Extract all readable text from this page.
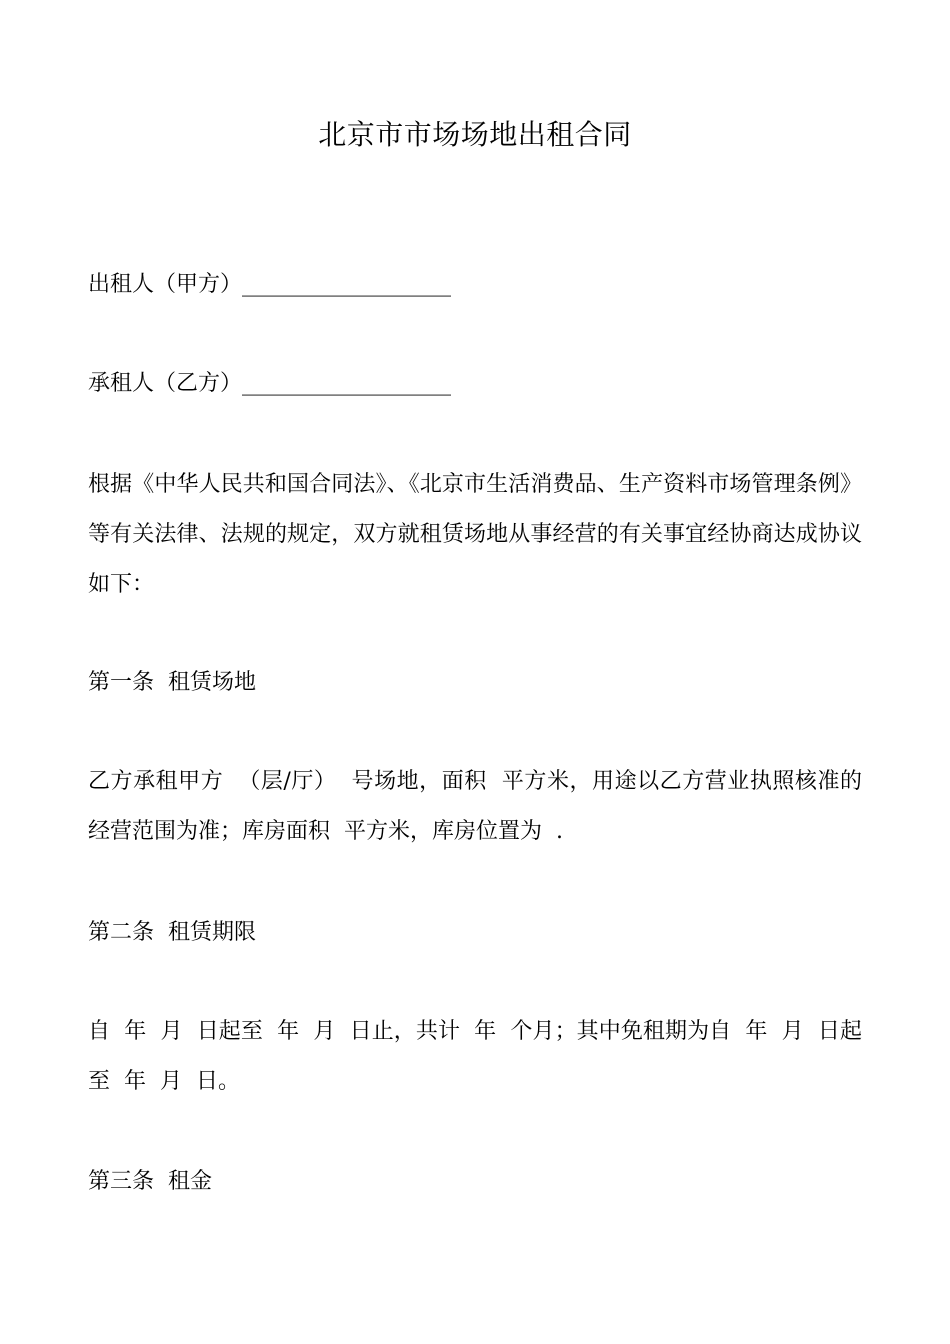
北京市市场场地出租合同
出租人（甲方）___________________
承租人（乙方）___________________
根据《中华人民共和国合同法》、《北京市生活消费品、生产资料市场管理条例》等有关法律、法规的规定，双方就租赁场地从事经营的有关事宜经协商达成协议如下：
第一条  租赁场地
乙方承租甲方  （层/厅）  号场地，面积  平方米，用途以乙方营业执照核准的经营范围为准；库房面积  平方米，库房位置为  .
第二条  租赁期限
自  年  月  日起至  年  月  日止，共计  年  个月；其中免租期为自  年  月  日起至  年  月  日。
第三条  租金
